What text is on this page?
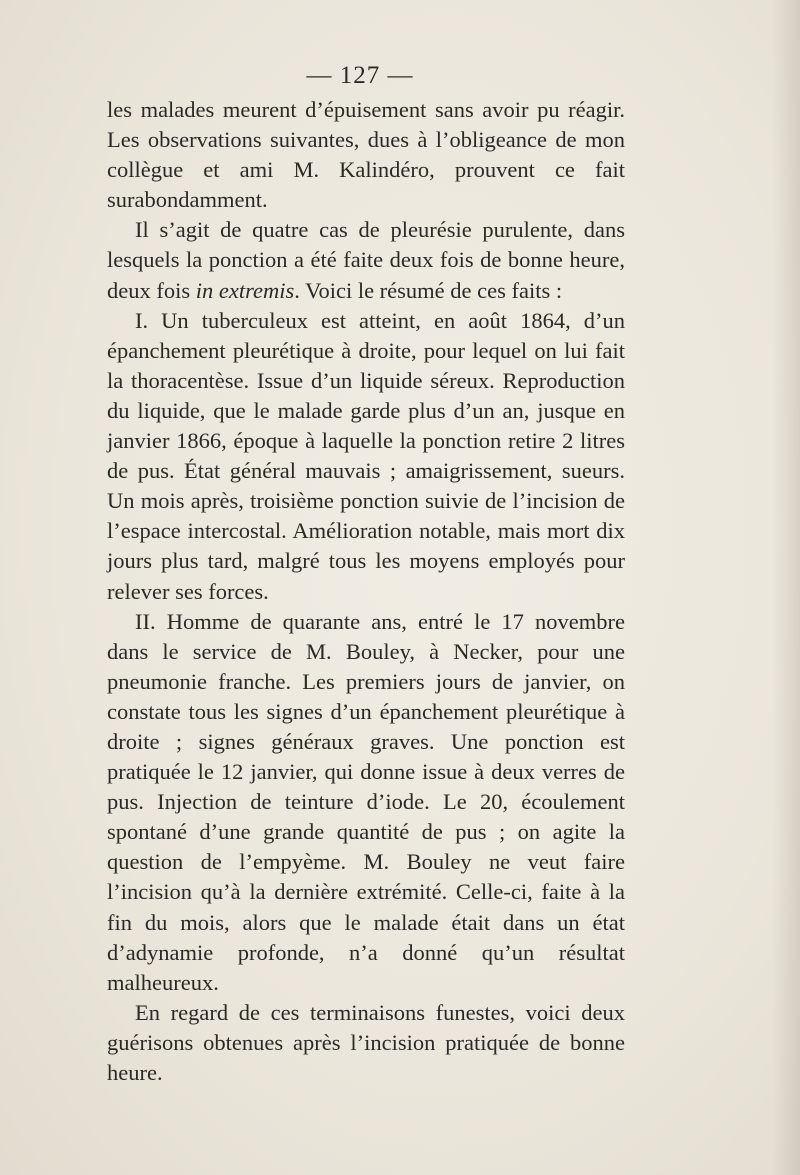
— 127 —

les malades meurent d’épuisement sans avoir pu réagir. Les observations suivantes, dues à l’obligeance de mon collègue et ami M. Kalindéro, prouvent ce fait surabondamment.

Il s’agit de quatre cas de pleurésie purulente, dans lesquels la ponction a été faite deux fois de bonne heure, deux fois in extremis. Voici le résumé de ces faits :

I. Un tuberculeux est atteint, en août 1864, d’un épanchement pleurétique à droite, pour lequel on lui fait la thoracentèse. Issue d’un liquide séreux. Reproduction du liquide, que le malade garde plus d’un an, jusque en janvier 1866, époque à laquelle la ponction retire 2 litres de pus. État général mauvais ; amaigrissement, sueurs. Un mois après, troisième ponction suivie de l’incision de l’espace intercostal. Amélioration notable, mais mort dix jours plus tard, malgré tous les moyens employés pour relever ses forces.

II. Homme de quarante ans, entré le 17 novembre dans le service de M. Bouley, à Necker, pour une pneumonie franche. Les premiers jours de janvier, on constate tous les signes d’un épanchement pleurétique à droite ; signes généraux graves. Une ponction est pratiquée le 12 janvier, qui donne issue à deux verres de pus. Injection de teinture d’iode. Le 20, écoulement spontané d’une grande quantité de pus ; on agite la question de l’empyème. M. Bouley ne veut faire l’incision qu’à la dernière extrémité. Celle-ci, faite à la fin du mois, alors que le malade était dans un état d’adynamie profonde, n’a donné qu’un résultat malheureux.

En regard de ces terminaisons funestes, voici deux guérisons obtenues après l’incision pratiquée de bonne heure.
